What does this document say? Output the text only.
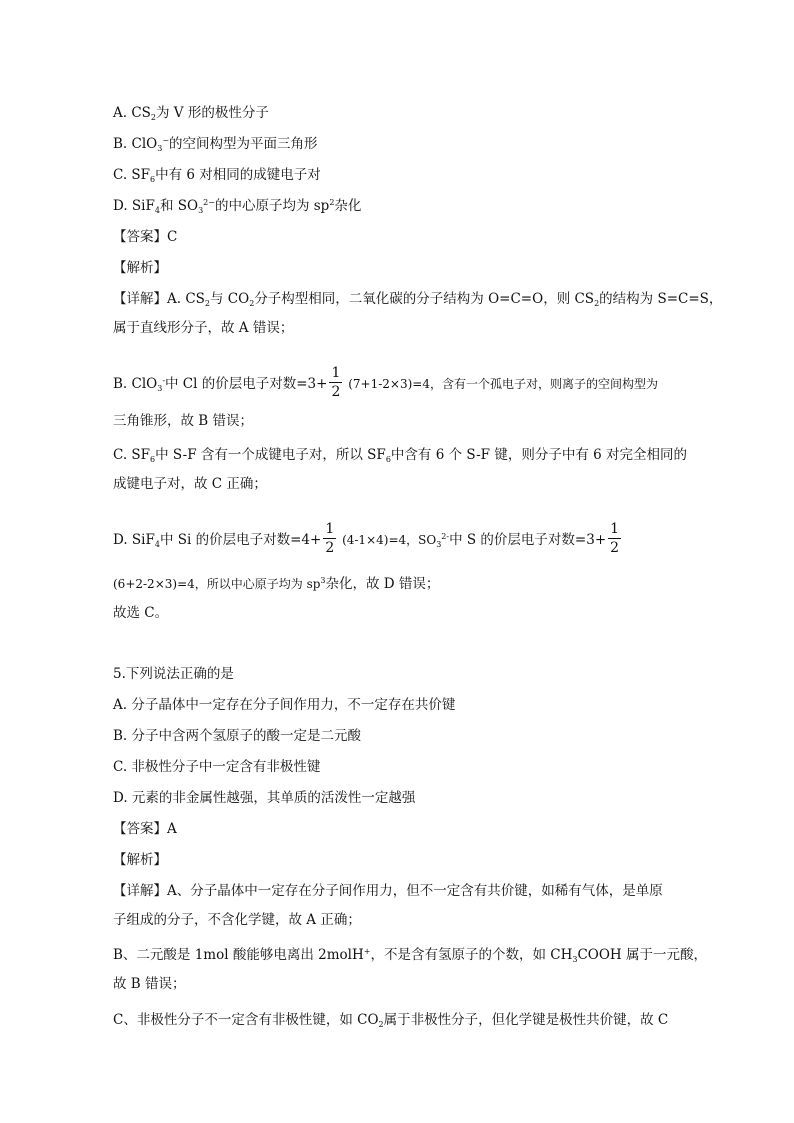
A. $CS_2$为 V 形的极性分子
B. ClO$_3$−的空间构型为平面三角形
C. $SF_6$中有 6 对相同的成键电子对
D. SiF$_4$和 $SO_3^{2-}$的中心原子均为 $sp^2$杂化
【答案】C
【解析】
【详解】A. $CS_2$与 $CO_2$分子构型相同，二氧化碳的分子结构为 O=C=O，则 $CS_2$的结构为 S=C=S，
属于直线形分子，故 A 错误；
B. ClO$_3$-中 Cl 的价层电子对数$=3+ \frac{1}{2} (7+1-2\times 3)=4$，含有一个孤电子对，则离子的空间构型为
三角锥形，故 B 错误；
C. $SF_6$中 S-F 含有一个成键电子对，所以 $SF_6$中含有 6 个 S-F 键，则分子中有 6 对完全相同的
成键电子对，故 C 正确；
D. SiF$_4$中 Si 的价层电子对数$=4+ \frac{1}{2} (4-1\times 4)=4$，$SO_3^{2-}$中 S 的价层电子对数$=3+ \frac{1}{2}$
(6+2-2×3)=4，所以中心原子均为 $sp^3$杂化，故 D 错误；
故选 C。
5.下列说法正确的是
A. 分子晶体中一定存在分子间作用力，不一定存在共价键
B. 分子中含两个氢原子的酸一定是二元酸
C. 非极性分子中一定含有非极性键
D. 元素的非金属性越强，其单质的活泼性一定越强
【答案】A
【解析】
【详解】A、分子晶体中一定存在分子间作用力，但不一定含有共价键，如稀有气体，是单原
子组成的分子，不含化学键，故 A 正确；
B、二元酸是 1mol 酸能够电离出 2molH+，不是含有氢原子的个数，如 $CH_3COOH$ 属于一元酸，
故 B 错误；
C、非极性分子不一定含有非极性键，如 $CO_2$属于非极性分子，但化学键是极性共价键，故 C
